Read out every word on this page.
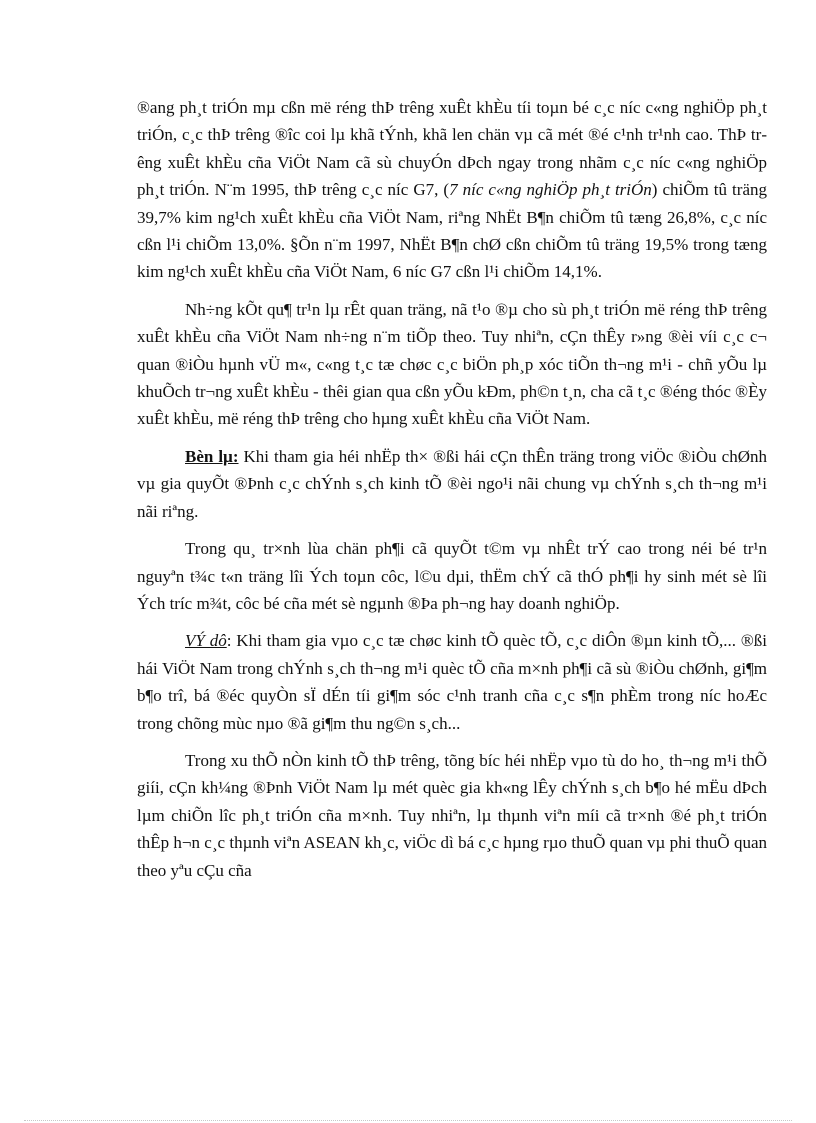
®ang ph¸t triÓn mµ cßn më réng thÞ trêng xuÊt khÈu tíi toµn bé c¸c níc c«ng nghiÖp ph¸t triÓn, c¸c thÞ trêng ®îc coi lµ khã tÝnh, khã len chän vµ cã mét ®é c¹nh tr¹nh cao. ThÞ trêng xuÊt khÈu cña ViÖt Nam cã sù chuyÓn dÞch ngay trong nhãm c¸c níc c«ng nghiÖp ph¸t triÓn. N¨m 1995, thÞ trêng c¸c níc G7, (7 níc c«ng nghiÖp ph¸t triÓn) chiÕm tû träng 39,7% kim ng¹ch xuÊt khÈu cña ViÖt Nam, riªng NhËt B¶n chiÕm tû tæng 26,8%, c¸c níc cßn l¹i chiÕm 13,0%. §Õn n¨m 1997, NhËt B¶n chØ cßn chiÕm tû träng 19,5% trong tæng kim ng¹ch xuÊt khÈu cña ViÖt Nam, 6 níc G7 cßn l¹i chiÕm 14,1%.

Nh÷ng kÕt qu¶ tr¹n lµ rÊt quan träng, nã t¹o ®µ cho sù ph¸t triÓn më réng thÞ trêng xuÊt khÈu cña ViÖt Nam nh÷ng n¨m tiÕp theo. Tuy nhiªn, cÇn thÊy r»ng ®èi víi c¸c c¬ quan ®iÒu hµnh vÜ m«, c«ng t¸c tæ chøc c¸c biÖn ph¸p xóc tiÕn th¬ng m¹i - chñ yÕu lµ khuÕch tr¬ng xuÊt khÈu - thêi gian qua cßn yÕu kÐm, ph©n t¸n, cha cã t¸c ®éng thóc ®Èy xuÊt khÈu, më réng thÞ trêng cho hµng xuÊt khÈu cña ViÖt Nam.

Bèn lµ: Khi tham gia héi nhËp th× ®ßi hái cÇn thÊn träng trong viÖc ®iÒu chØnh vµ gia quyÕt ®Þnh c¸c chÝnh s¸ch kinh tÕ ®èi ngo¹i nãi chung vµ chÝnh s¸ch th¬ng m¹i nãi riªng.

Trong qu¸ tr×nh lùa chän ph¶i cã quyÕt t©m vµ nhÊt trÝ cao trong néi bé tr¹n nguyªn t¾c t«n träng lîi Ých toµn côc, l©u dµi, thËm chÝ cã thÓ ph¶i hy sinh mét sè lîi Ých tríc m¾t, côc bé cña mét sè ngµnh ®Þa ph¬ng hay doanh nghiÖp.

VÝ dô: Khi tham gia vµo c¸c tæ chøc kinh tÕ quèc tÕ, c¸c diÔn ®µn kinh tÕ,... ®ßi hái ViÖt Nam trong chÝnh s¸ch th¬ng m¹i quèc tÕ cña m×nh ph¶i cã sù ®iÒu chØnh, gi¶m b¶o trî, bá ®éc quyÒn sÏ dÉn tíi gi¶m sóc c¹nh tranh cña c¸c s¶n phÈm trong níc hoÆc trong chõng mùc nµo ®ã gi¶m thu ng©n s¸ch...

Trong xu thÕ nÒn kinh tÕ thÞ trêng, tõng bíc héi nhËp vµo tù do ho¸ th¬ng m¹i thÕ giíi, cÇn kh¼ng ®Þnh ViÖt Nam lµ mét quèc gia kh«ng lÊy chÝnh s¸ch b¶o hé mËu dÞch lµm chiÕn lîc ph¸t triÓn cña m×nh. Tuy nhiªn, lµ thµnh viªn míi cã tr×nh ®é ph¸t triÓn thÊp h¬n c¸c thµnh viªn ASEAN kh¸c, viÖc dì bá c¸c hµng rµo thuÕ quan vµ phi thuÕ quan theo yªu cÇu cña
